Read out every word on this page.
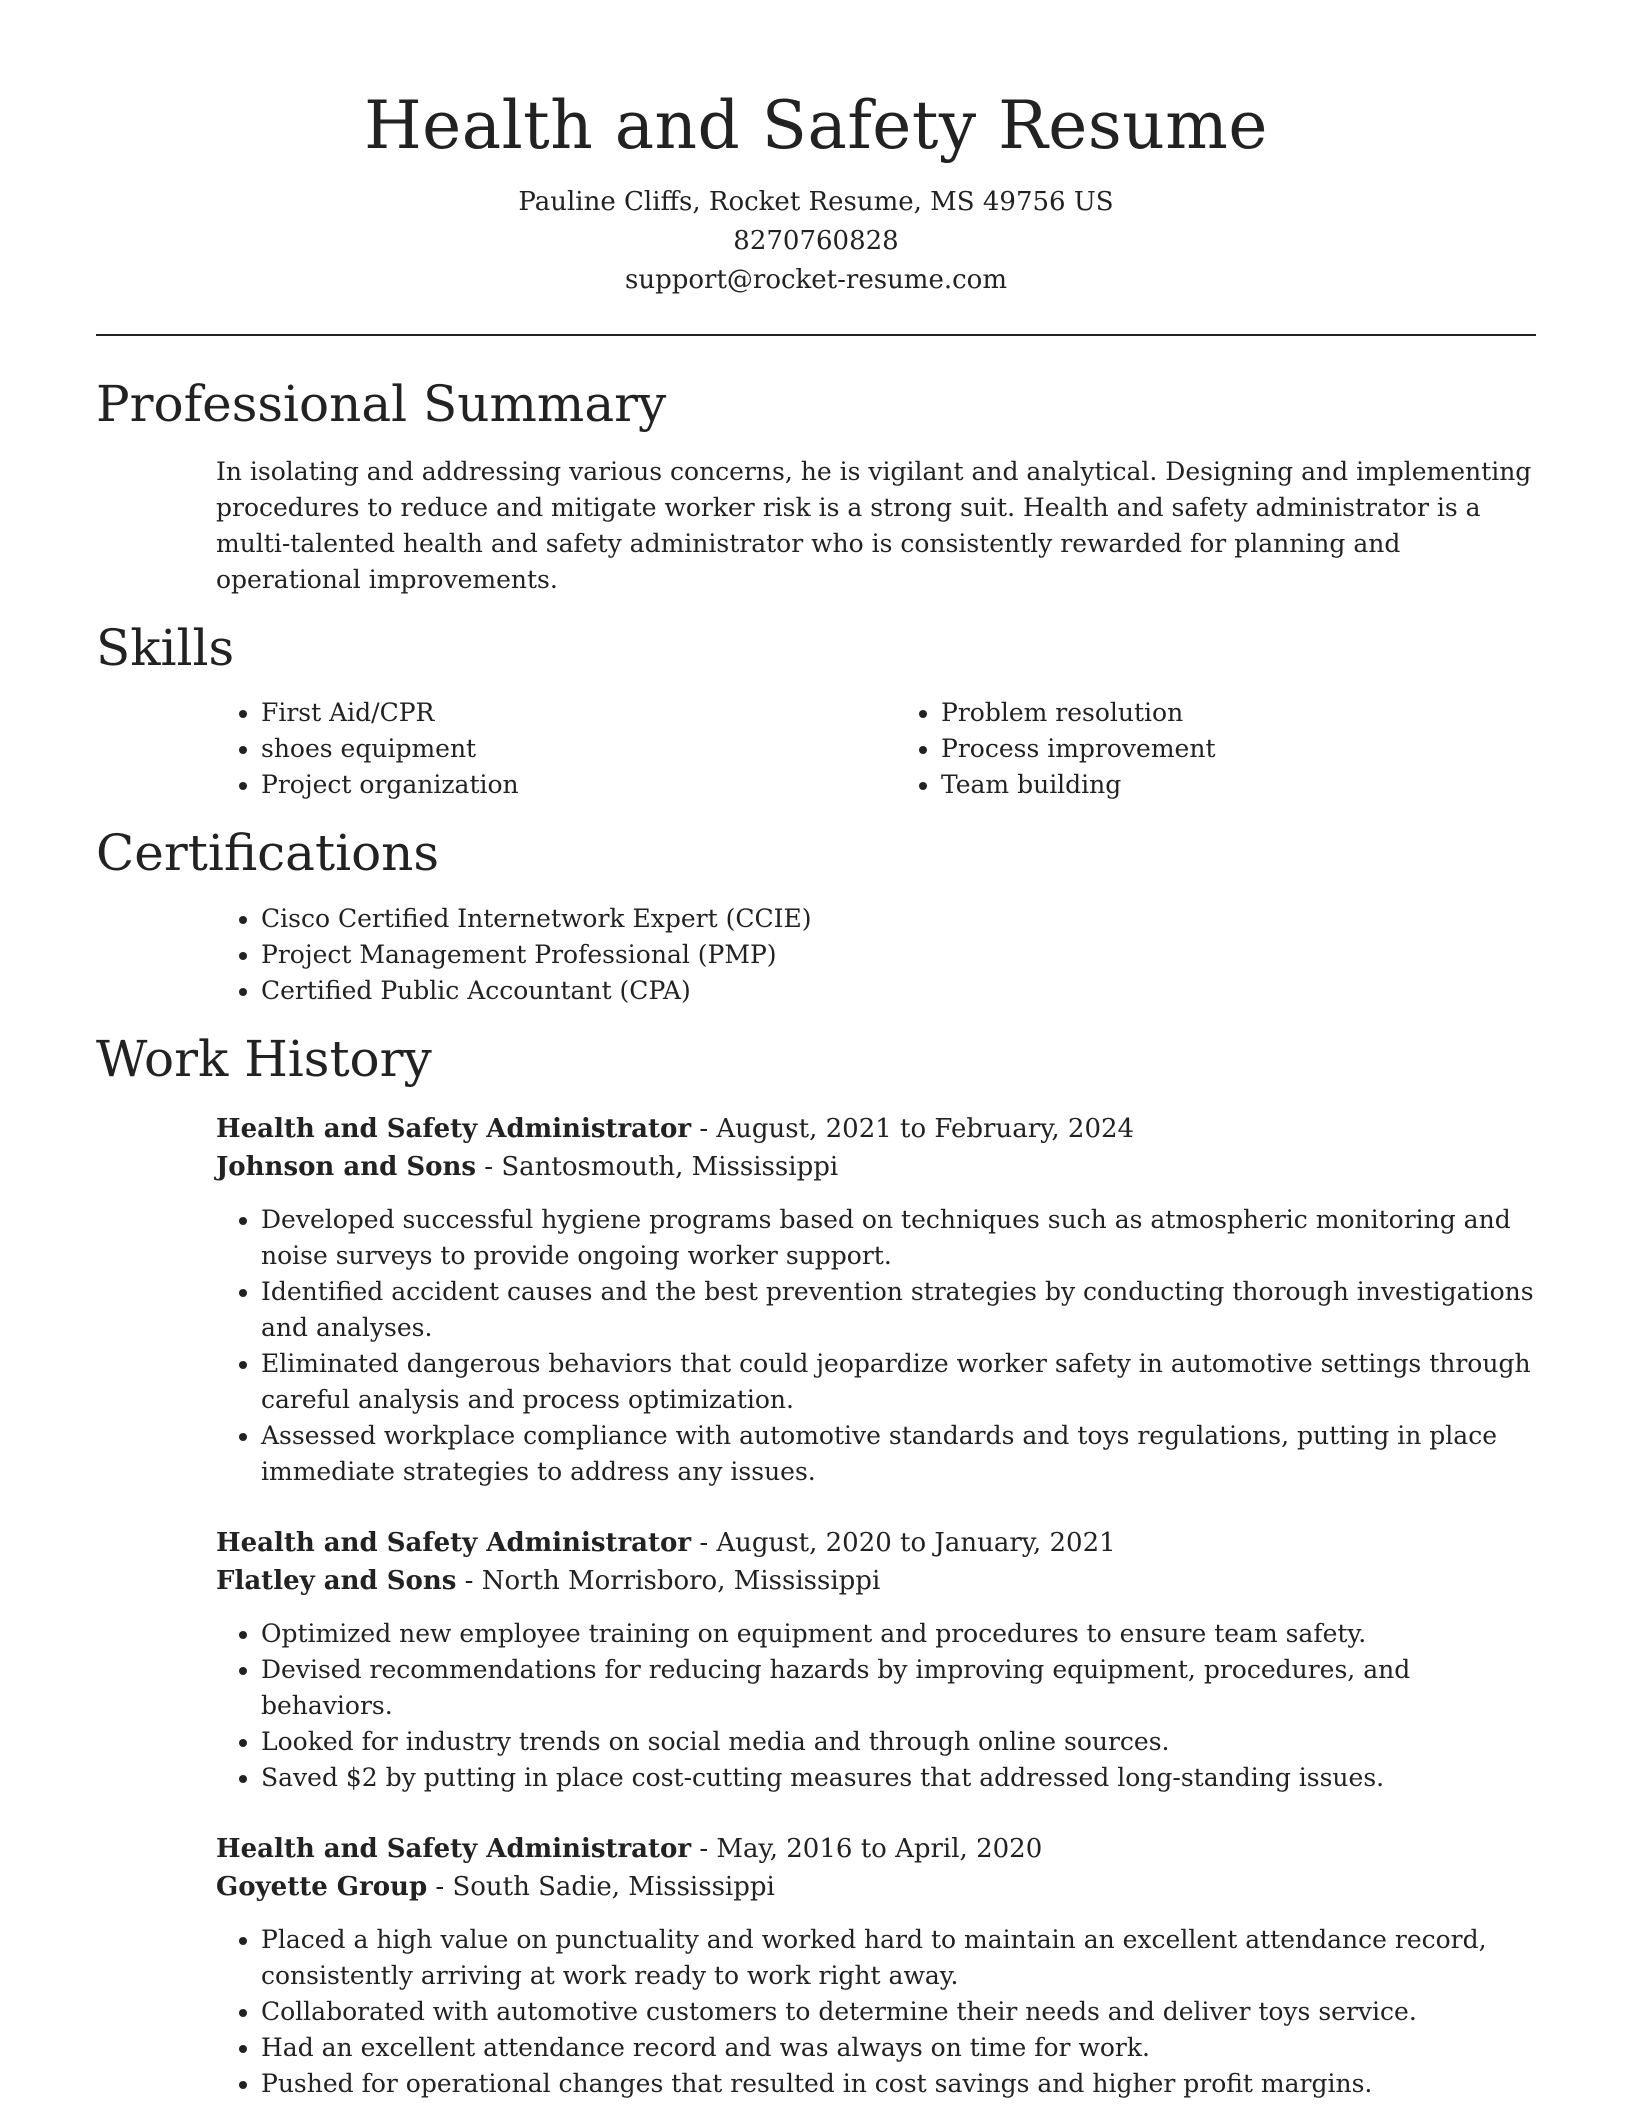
Health and Safety Resume
Pauline Cliffs, Rocket Resume, MS 49756 US
8270760828
support@rocket-resume.com
Professional Summary
In isolating and addressing various concerns, he is vigilant and analytical. Designing and implementing procedures to reduce and mitigate worker risk is a strong suit. Health and safety administrator is a multi-talented health and safety administrator who is consistently rewarded for planning and operational improvements.
Skills
• First Aid/CPR
• shoes equipment
• Project organization
• Problem resolution
• Process improvement
• Team building
Certifications
• Cisco Certified Internetwork Expert (CCIE)
• Project Management Professional (PMP)
• Certified Public Accountant (CPA)
Work History
Health and Safety Administrator - August, 2021 to February, 2024
Johnson and Sons - Santosmouth, Mississippi
• Developed successful hygiene programs based on techniques such as atmospheric monitoring and noise surveys to provide ongoing worker support.
• Identified accident causes and the best prevention strategies by conducting thorough investigations and analyses.
• Eliminated dangerous behaviors that could jeopardize worker safety in automotive settings through careful analysis and process optimization.
• Assessed workplace compliance with automotive standards and toys regulations, putting in place immediate strategies to address any issues.
Health and Safety Administrator - August, 2020 to January, 2021
Flatley and Sons - North Morrisboro, Mississippi
• Optimized new employee training on equipment and procedures to ensure team safety.
• Devised recommendations for reducing hazards by improving equipment, procedures, and behaviors.
• Looked for industry trends on social media and through online sources.
• Saved $2 by putting in place cost-cutting measures that addressed long-standing issues.
Health and Safety Administrator - May, 2016 to April, 2020
Goyette Group - South Sadie, Mississippi
• Placed a high value on punctuality and worked hard to maintain an excellent attendance record, consistently arriving at work ready to work right away.
• Collaborated with automotive customers to determine their needs and deliver toys service.
• Had an excellent attendance record and was always on time for work.
• Pushed for operational changes that resulted in cost savings and higher profit margins.
